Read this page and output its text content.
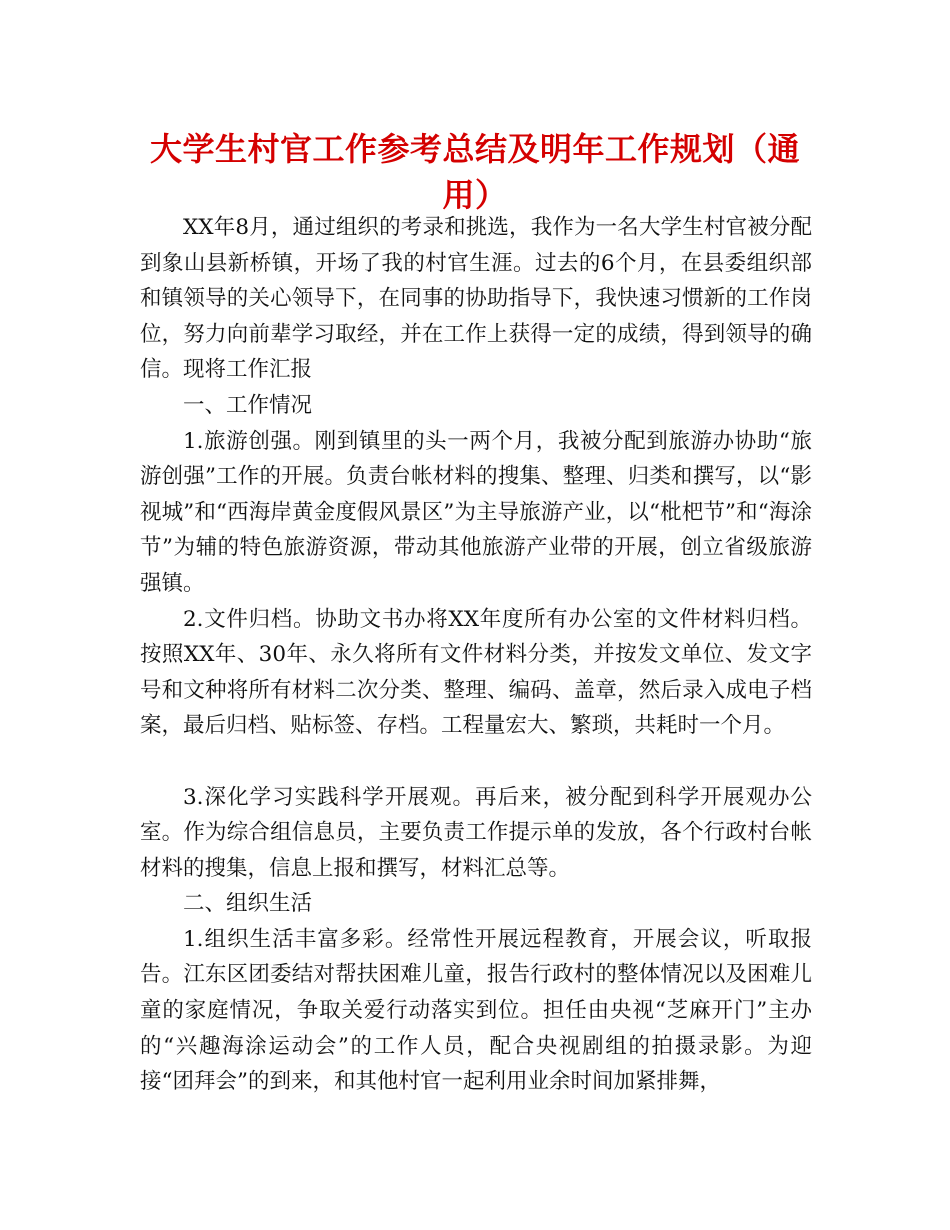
大学生村官工作参考总结及明年工作规划（通用）

XX年8月，通过组织的考录和挑选，我作为一名大学生村官被分配到象山县新桥镇，开场了我的村官生涯。过去的6个月，在县委组织部和镇领导的关心领导下，在同事的协助指导下，我快速习惯新的工作岗位，努力向前辈学习取经，并在工作上获得一定的成绩，得到领导的确信。现将工作汇报

一、工作情况

1.旅游创强。刚到镇里的头一两个月，我被分配到旅游办协助“旅游创强”工作的开展。负责台帐材料的搜集、整理、归类和撰写，以“影视城”和“西海岸黄金度假风景区”为主导旅游产业，以“枇杷节”和“海涂节”为辅的特色旅游资源，带动其他旅游产业带的开展，创立省级旅游强镇。

2.文件归档。协助文书办将XX年度所有办公室的文件材料归档。按照XX年、30年、永久将所有文件材料分类，并按发文单位、发文字号和文种将所有材料二次分类、整理、编码、盖章，然后录入成电子档案，最后归档、贴标签、存档。工程量宏大、繁琐，共耗时一个月。

3.深化学习实践科学开展观。再后来，被分配到科学开展观办公室。作为综合组信息员，主要负责工作提示单的发放，各个行政村台帐材料的搜集，信息上报和撰写，材料汇总等。

二、组织生活

1.组织生活丰富多彩。经常性开展远程教育，开展会议，听取报告。江东区团委结对帮扶困难儿童，报告行政村的整体情况以及困难儿童的家庭情况，争取关爱行动落实到位。担任由央视“芝麻开门”主办的“兴趣海涂运动会”的工作人员，配合央视剧组的拍摄录影。为迎接“团拜会”的到来，和其他村官一起利用业余时间加紧排舞，
